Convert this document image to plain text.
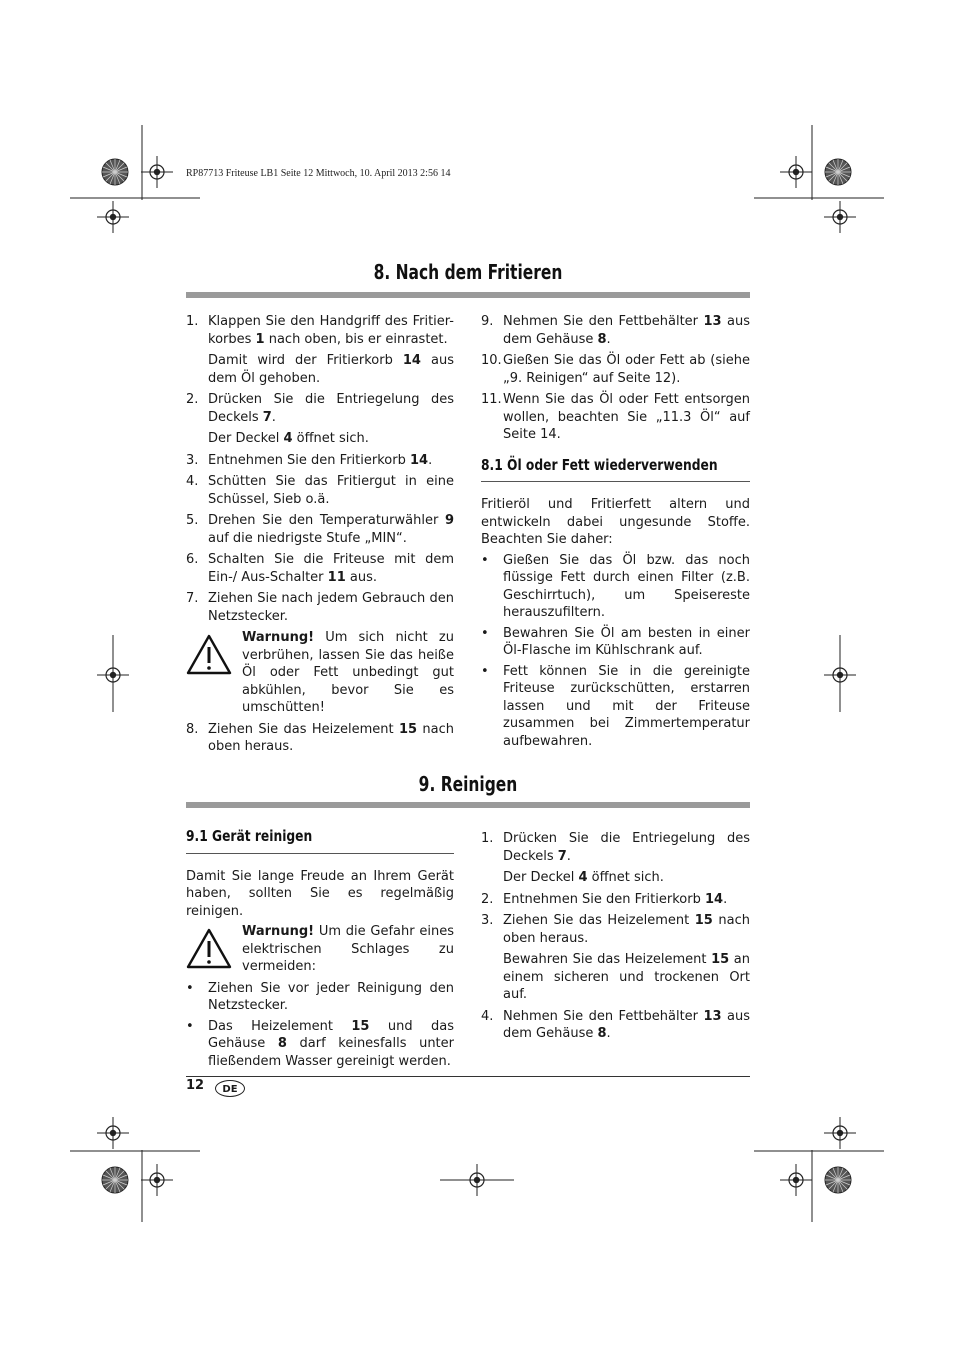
RP87713 Friteuse LB1 Seite 12 Mittwoch, 10. April 2013 2:56 14
8. Nach dem Fritieren
1. Klappen Sie den Handgriff des Fritier-korbes 1 nach oben, bis er einrastet.
Damit wird der Fritierkorb 14 aus dem Öl gehoben.
2. Drücken Sie die Entriegelung des Deckels 7.
Der Deckel 4 öffnet sich.
3. Entnehmen Sie den Fritierkorb 14.
4. Schütten Sie das Fritiergut in eine Schüssel, Sieb o.ä.
5. Drehen Sie den Temperaturwähler 9 auf die niedrigste Stufe „MIN“.
6. Schalten Sie die Friteuse mit dem Ein-/ Aus-Schalter 11 aus.
7. Ziehen Sie nach jedem Gebrauch den Netzstecker.
Warnung! Um sich nicht zu verbrühen, lassen Sie das heiße Öl oder Fett unbedingt gut abkühlen, bevor Sie es umschütten!
8. Ziehen Sie das Heizelement 15 nach oben heraus.
9. Nehmen Sie den Fettbehälter 13 aus dem Gehäuse 8.
10. Gießen Sie das Öl oder Fett ab (siehe „9. Reinigen“ auf Seite 12).
11. Wenn Sie das Öl oder Fett entsorgen wollen, beachten Sie „11.3 Öl“ auf Seite 14.
8.1 Öl oder Fett wiederverwenden
Fritieröl und Fritierfett altern und entwickeln dabei ungesunde Stoffe. Beachten Sie daher:
•	Gießen Sie das Öl bzw. das noch flüssige Fett durch einen Filter (z.B. Geschirrtuch), um Speisereste herauszufiltern.
•	Bewahren Sie Öl am besten in einer Öl-Flasche im Kühlschrank auf.
•	Fett können Sie in die gereinigte Friteuse zurückschütten, erstarren lassen und mit der Friteuse zusammen bei Zimmertemperatur aufbewahren.
9. Reinigen
9.1 Gerät reinigen
Damit Sie lange Freude an Ihrem Gerät haben, sollten Sie es regelmäßig reinigen.
Warnung! Um die Gefahr eines elektrischen Schlages zu vermeiden:
•	Ziehen Sie vor jeder Reinigung den Netzstecker.
•	Das Heizelement 15 und das Gehäuse 8 darf keinesfalls unter fließendem Wasser gereinigt werden.
1. Drücken Sie die Entriegelung des Deckels 7.
Der Deckel 4 öffnet sich.
2. Entnehmen Sie den Fritierkorb 14.
3. Ziehen Sie das Heizelement 15 nach oben heraus.
Bewahren Sie das Heizelement 15 an einem sicheren und trockenen Ort auf.
4. Nehmen Sie den Fettbehälter 13 aus dem Gehäuse 8.
12	DE
